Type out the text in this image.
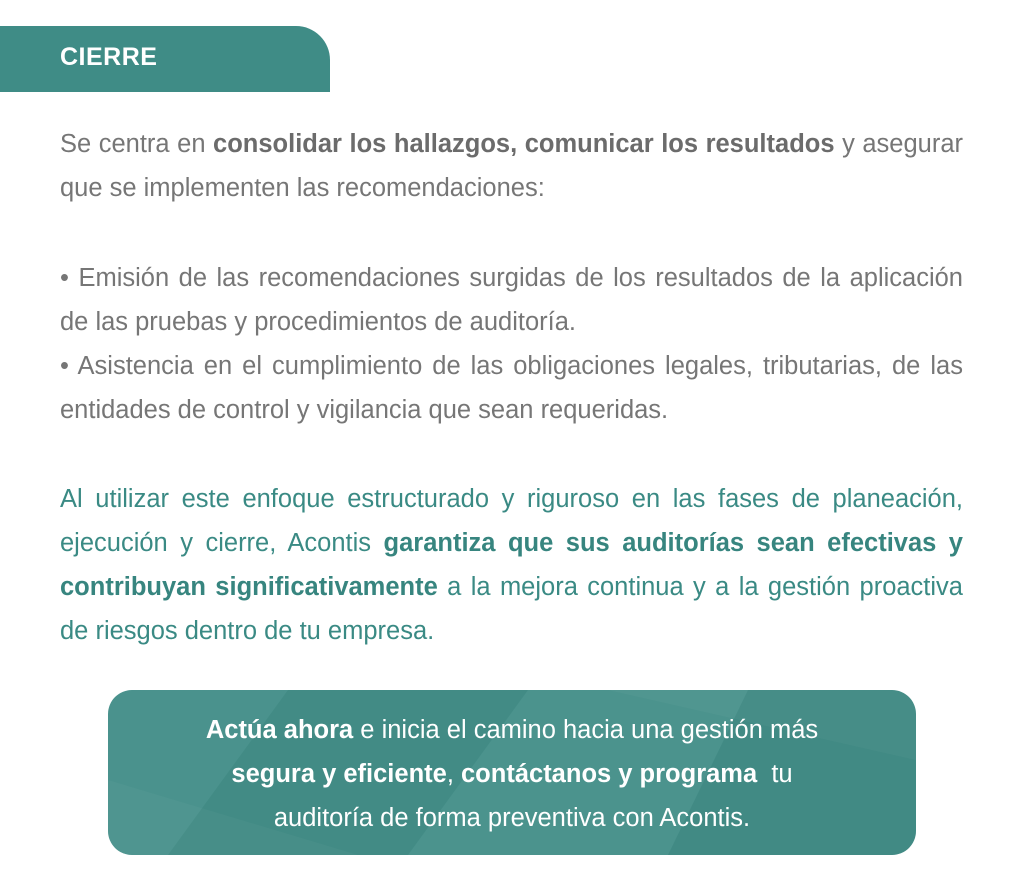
CIERRE

Se centra en consolidar los hallazgos, comunicar los resultados y asegurar que se implementen las recomendaciones:

• Emisión de las recomendaciones surgidas de los resultados de la aplicación de las pruebas y procedimientos de auditoría.

• Asistencia en el cumplimiento de las obligaciones legales, tributarias, de las entidades de control y vigilancia que sean requeridas.

Al utilizar este enfoque estructurado y riguroso en las fases de planeación, ejecución y cierre, Acontis garantiza que sus auditorías sean efectivas y contribuyan significativamente a la mejora continua y a la gestión proactiva de riesgos dentro de tu empresa.

Actúa ahora e inicia el camino hacia una gestión más
segura y eficiente, contáctanos y programa  tu
auditoría de forma preventiva con Acontis.
